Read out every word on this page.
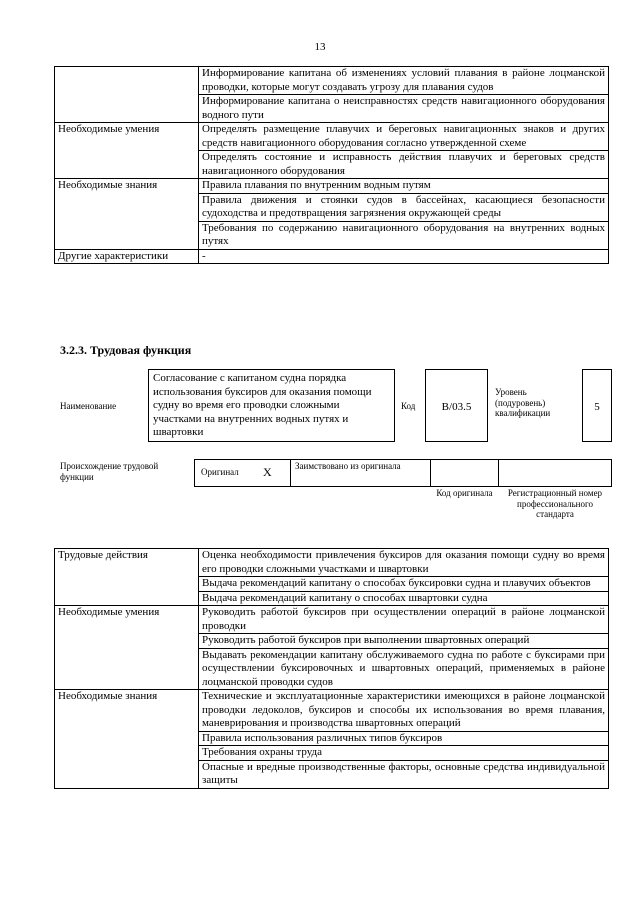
13
	Информирование капитана об изменениях условий плавания в районе лоцманской проводки, которые могут создавать угрозу для плавания судов
	Информирование капитана о неисправностях средств навигационного оборудования водного пути
Необходимые умения	Определять размещение плавучих и береговых навигационных знаков и других средств навигационного оборудования согласно утвержденной схеме
	Определять состояние и исправность действия плавучих и береговых средств навигационного оборудования
Необходимые знания	Правила плавания по внутренним водным путям
	Правила движения и стоянки судов в бассейнах, касающиеся безопасности судоходства и предотвращения загрязнения окружающей среды
	Требования по содержанию навигационного оборудования на внутренних водных путях
Другие характеристики	-
3.2.3. Трудовая функция
Наименование
Согласование с капитаном судна порядка использования буксиров для оказания помощи судну во время его проводки сложными участками на внутренних водных путях и швартовки
Код	B/03.5
Уровень (подуровень) квалификации	5
Происхождение трудовой функции	Оригинал X	Заимствовано из оригинала
Код оригинала	Регистрационный номер профессионального стандарта
Трудовые действия	Оценка необходимости привлечения буксиров для оказания помощи судну во время его проводки сложными участками и швартовки
	Выдача рекомендаций капитану о способах буксировки судна и плавучих объектов
	Выдача рекомендаций капитану о способах швартовки судна
Необходимые умения	Руководить работой буксиров при осуществлении операций в районе лоцманской проводки
	Руководить работой буксиров при выполнении швартовных операций
	Выдавать рекомендации капитану обслуживаемого судна по работе с буксирами при осуществлении буксировочных и швартовных операций, применяемых в районе лоцманской проводки судов
Необходимые знания	Технические и эксплуатационные характеристики имеющихся в районе лоцманской проводки ледоколов, буксиров и способы их использования во время плавания, маневрирования и производства швартовных операций
	Правила использования различных типов буксиров
	Требования охраны труда
	Опасные и вредные производственные факторы, основные средства индивидуальной защиты
